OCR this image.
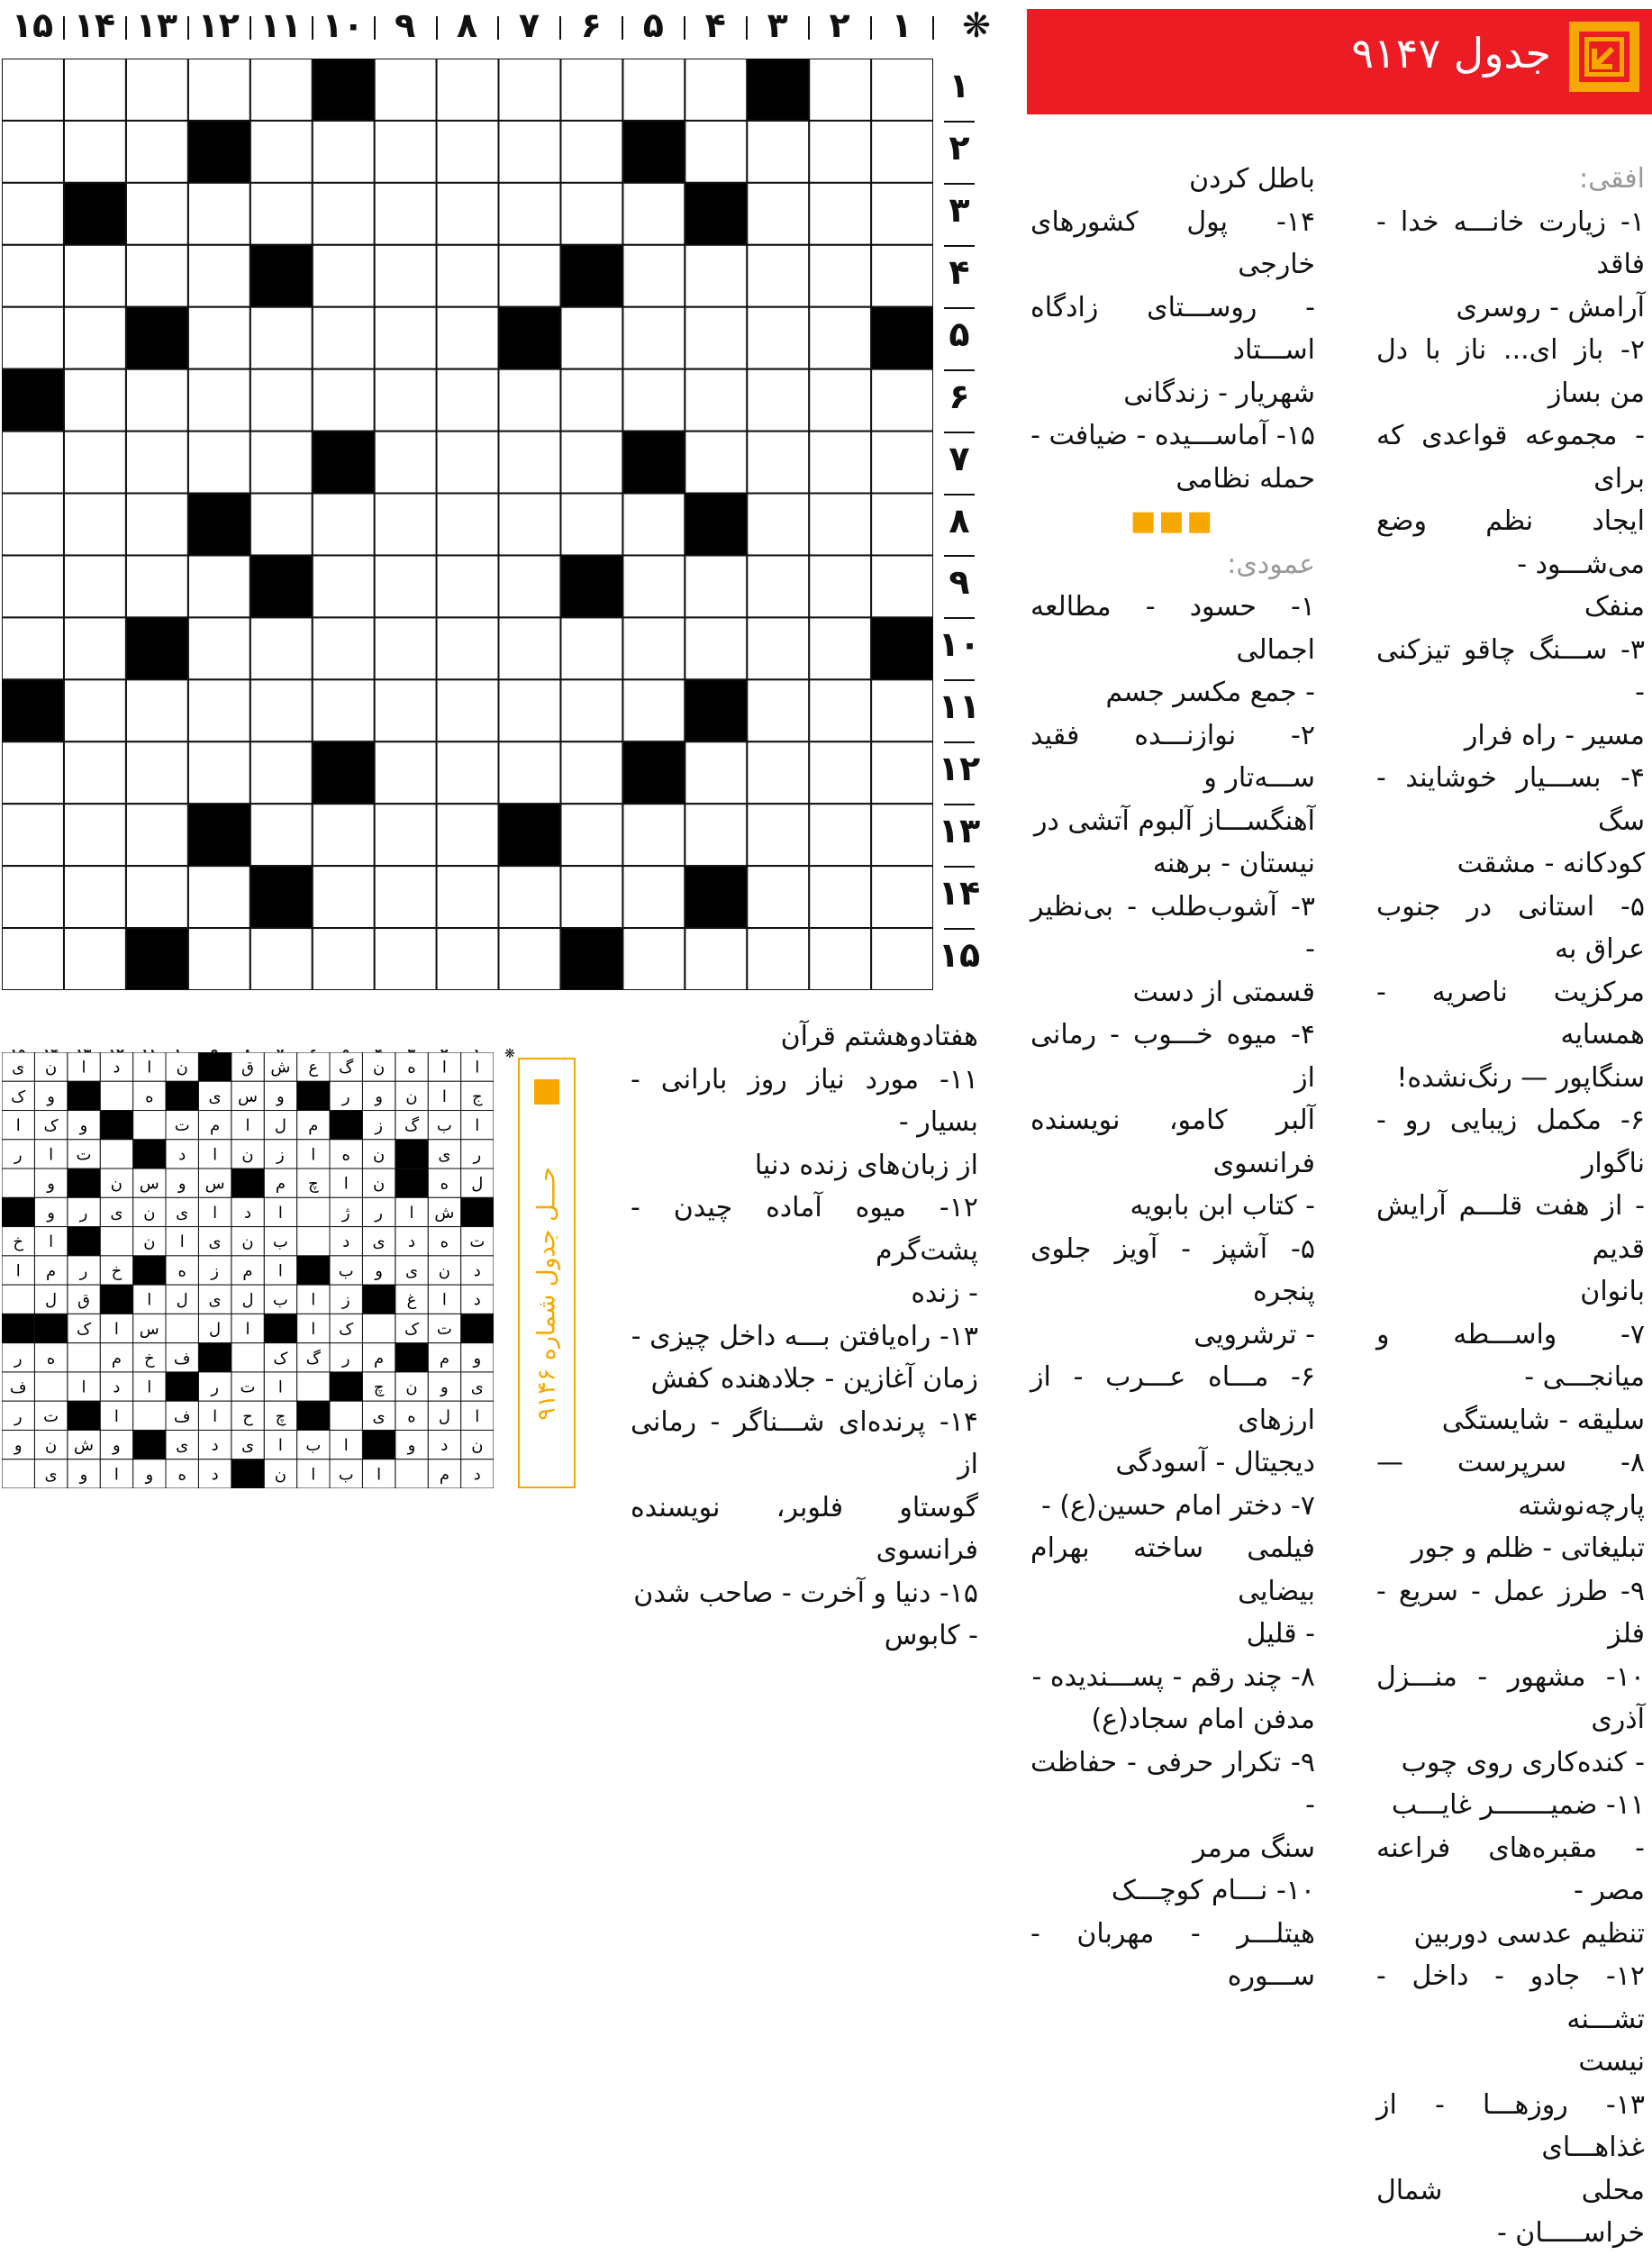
جدول ۹۱۴۷
❋
۱
۲
۳
۴
۵
۶
۷
۸
۹
۱۰
۱۱
۱۲
۱۳
۱۴
۱۵
۱
۲
۳
۴
۵
۶
۷
۸
۹
۱۰
۱۱
۱۲
۱۳
۱۴
۱۵

افقی:

۱- زیارت خانـــه خدا - فاقد

آرامش - روسری

۲- باز ای... ناز با دل من بساز

- مجموعه قواعدی که برای

ایجاد نظم وضع می‌شـــود -

منفک

۳- ســـنگ چاقو تیزکنی -

مسیر - راه فرار

۴- بســـیار خوشایند - سگ

کودکانه - مشقت

۵- استانی در جنوب عراق به

مرکزیت ناصریه - همسایه

سنگاپور — رنگ‌نشده!

۶- مکمل زیبایی رو - ناگوار

- از هفت قلـــم آرایش قدیم

بانوان

۷- واســـطه و میانجـــی -

سلیقه - شایستگی

۸- سرپرست — پارچه‌نوشته

تبلیغاتی - ظلم و جور

۹- طرز عمل - سریع - فلز

۱۰- مشهور - منـــزل آذری

- کنده‌کاری روی چوب

۱۱- ضمیـــــــر غایـــب

- مقبره‌های فراعنه مصر -

تنظیم عدسی دوربین

۱۲- جادو - داخل - تشـــنه

نیست

۱۳- روزهـــا - از غذاهـــای

محلی شمال خراســـــان -

باطل کردن

۱۴- پول کشورهای خارجی

- روســـتای زادگاه اســـتاد

شهریار - زندگانی

۱۵- آماســـیده - ضیافت -

حمله نظامی

■■■

عمودی:

۱- حسود - مطالعه اجمالی

- جمع مکسر جسم

۲- نوازنـــده فقید ســـه‌تار و

آهنگســـاز آلبوم آتشی در

نیستان - برهنه

۳- آشوب‌طلب - بی‌نظیر -

قسمتی از دست

۴- میوه خـــوب - رمانی از

آلبر کامو، نویسنده فرانسوی

- کتاب ابن بابویه

۵- آشپز - آویز جلوی پنجره

- ترشرویی

۶- مـــاه عـــرب - از ارزهای

دیجیتال - آسودگی

۷- دختر امام حسین(ع) -

فیلمی ساخته بهرام بیضایی

- قلیل

۸- چند رقم - پســـندیده -

مدفن امام سجاد(ع)

۹- تکرار حرفی - حفاظت -

سنگ مرمر

۱۰- نـــام کوچـــک

هیتلـــر - مهربان - ســـوره

هفتادوهشتم قرآن

۱۱- مورد نیاز روز بارانی - بسیار -

از زبان‌های زنده دنیا

۱۲- میوه آماده چیدن - پشت‌گرم

- زنده

۱۳- راه‌یافتن بـــه داخل چیزی -

زمان آغازین - جلادهنده کفش

۱۴- پرنده‌ای شـــناگر - رمانی از

گوستاو فلوبر، نویسنده فرانسوی

۱۵- دنیا و آخرت - صاحب شدن

- کابوس

❋
ا
ا
ه
ن
گ
ع
ش
ق
ن
ا
د
ا
ن
ی
ج
ا
ن
و
ر
و
س
ی
ه
و
ک
ا
ب
گ
ز
م
ل
ا
م
ت
و
ک
ا
ر
ی
ن
ه
ا
ز
ن
ا
د
ت
ا
ر
ل
ه
ن
ا
چ
م
س
و
س
ن
و
ش
ا
ر
ژ
ا
د
ا
ی
ن
ی
ر
و
ت
ه
د
ی
د
ب
ن
ی
ا
ن
ا
خ
د
ن
ی
و
ب
ا
م
ز
ه
خ
ر
م
ا
د
ا
غ
ز
ا
ب
ل
ی
ل
ا
ق
ل
ت
ک
ک
ا
ا
ل
س
ا
ک
و
م
م
ر
گ
ک
ف
خ
م
ه
ر
ی
و
ن
چ
ا
ت
ر
ا
د
ا
ف
ا
ل
ه
ی
چ
ح
ا
ف
ا
ت
ر
ن
د
و
ا
ب
ا
ی
د
ی
و
ش
ن
و
د
م
ا
ب
ا
ن
د
ه
و
ا
و
ی
حـــل جدول شماره ۹۱۴۶
